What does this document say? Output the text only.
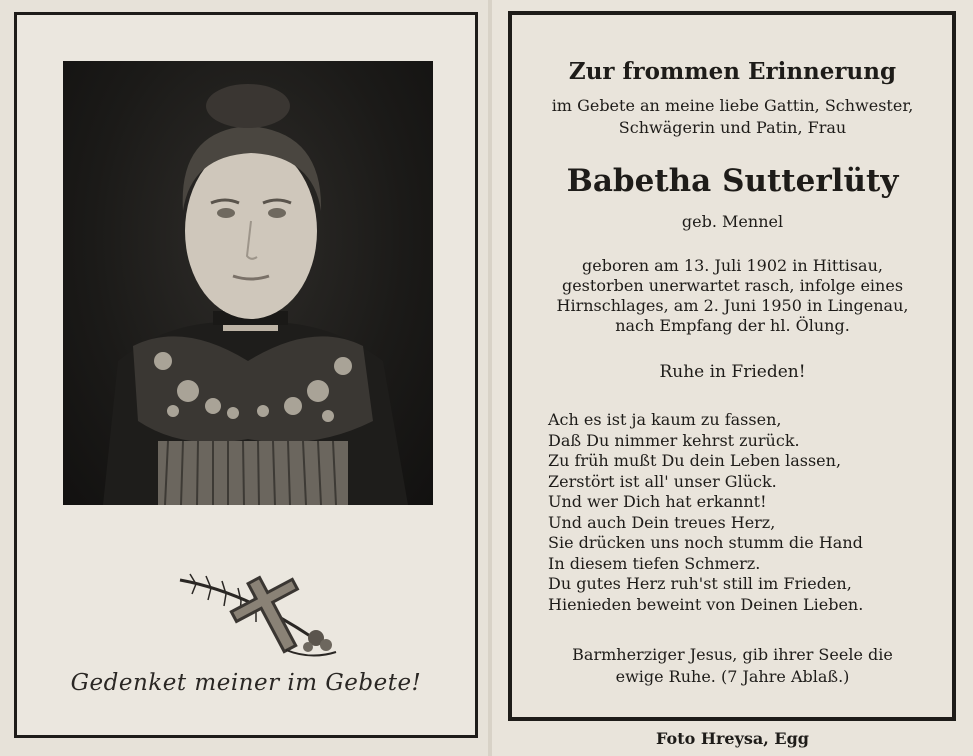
Gedenket meiner im Gebete!
Zur frommen Erinnerung
im Gebete an meine liebe Gattin, Schwester,
Schwägerin und Patin, Frau
Babetha Sutterlüty
geb. Mennel
geboren am 13. Juli 1902 in Hittisau,
gestorben unerwartet rasch, infolge eines
Hirnschlages, am 2. Juni 1950 in Lingenau,
nach Empfang der hl. Ölung.
Ruhe in Frieden!
Ach es ist ja kaum zu fassen,
Daß Du nimmer kehrst zurück.
Zu früh mußt Du dein Leben lassen,
Zerstört ist all' unser Glück.
Und wer Dich hat erkannt!
Und auch Dein treues Herz,
Sie drücken uns noch stumm die Hand
In diesem tiefen Schmerz.
Du gutes Herz ruh'st still im Frieden,
Hienieden beweint von Deinen Lieben.
Barmherziger Jesus, gib ihrer Seele die
ewige Ruhe. (7 Jahre Ablaß.)
Foto Hreysa, Egg
